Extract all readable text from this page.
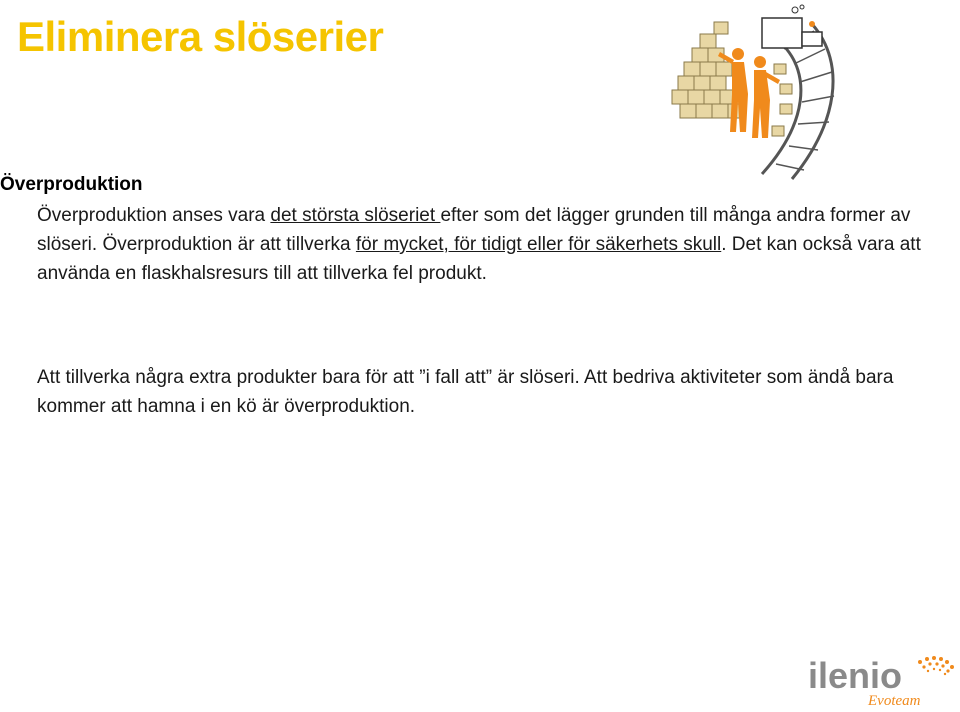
Eliminera slöserier
Överproduktion
Överproduktion anses vara det största slöseriet efter som det lägger grunden till många andra former av slöseri. Överproduktion är att tillverka för mycket, för tidigt eller för säkerhets skull. Det kan också vara att använda en flaskhalsresurs till att tillverka fel produkt.
Att tillverka några extra produkter bara för att ”i fall att” är slöseri. Att bedriva aktiviteter som ändå bara kommer att hamna i en kö är överproduktion.
ilenio
Evoteam
